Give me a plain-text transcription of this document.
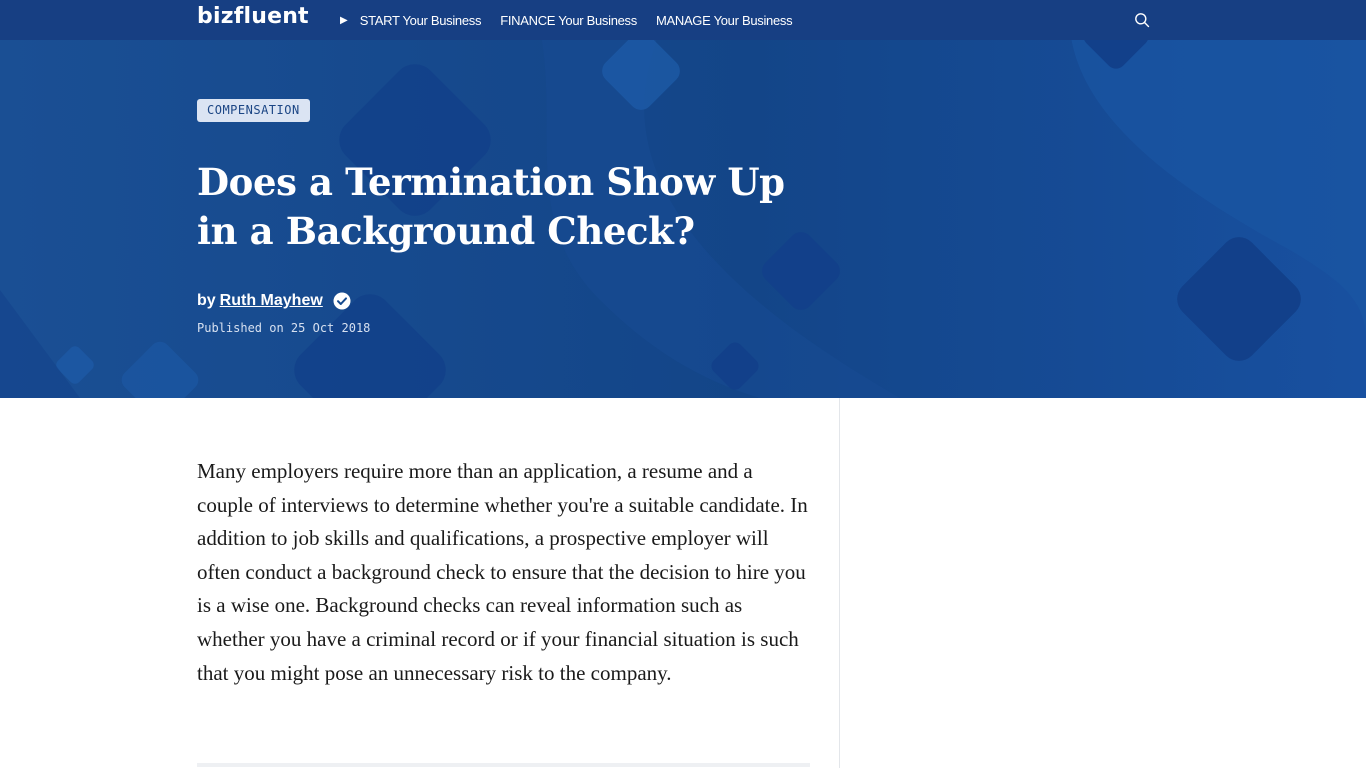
bizfluent	▶ START Your Business FINANCE Your Business MANAGE Your Business
COMPENSATION
Does a Termination Show Up in a Background Check?
by Ruth Mayhew
Published on 25 Oct 2018

Many employers require more than an application, a resume and a couple of interviews to determine whether you're a suitable candidate. In addition to job skills and qualifications, a prospective employer will often conduct a background check to ensure that the decision to hire you is a wise one. Background checks can reveal information such as whether you have a criminal record or if your financial situation is such that you might pose an unnecessary risk to the company.
